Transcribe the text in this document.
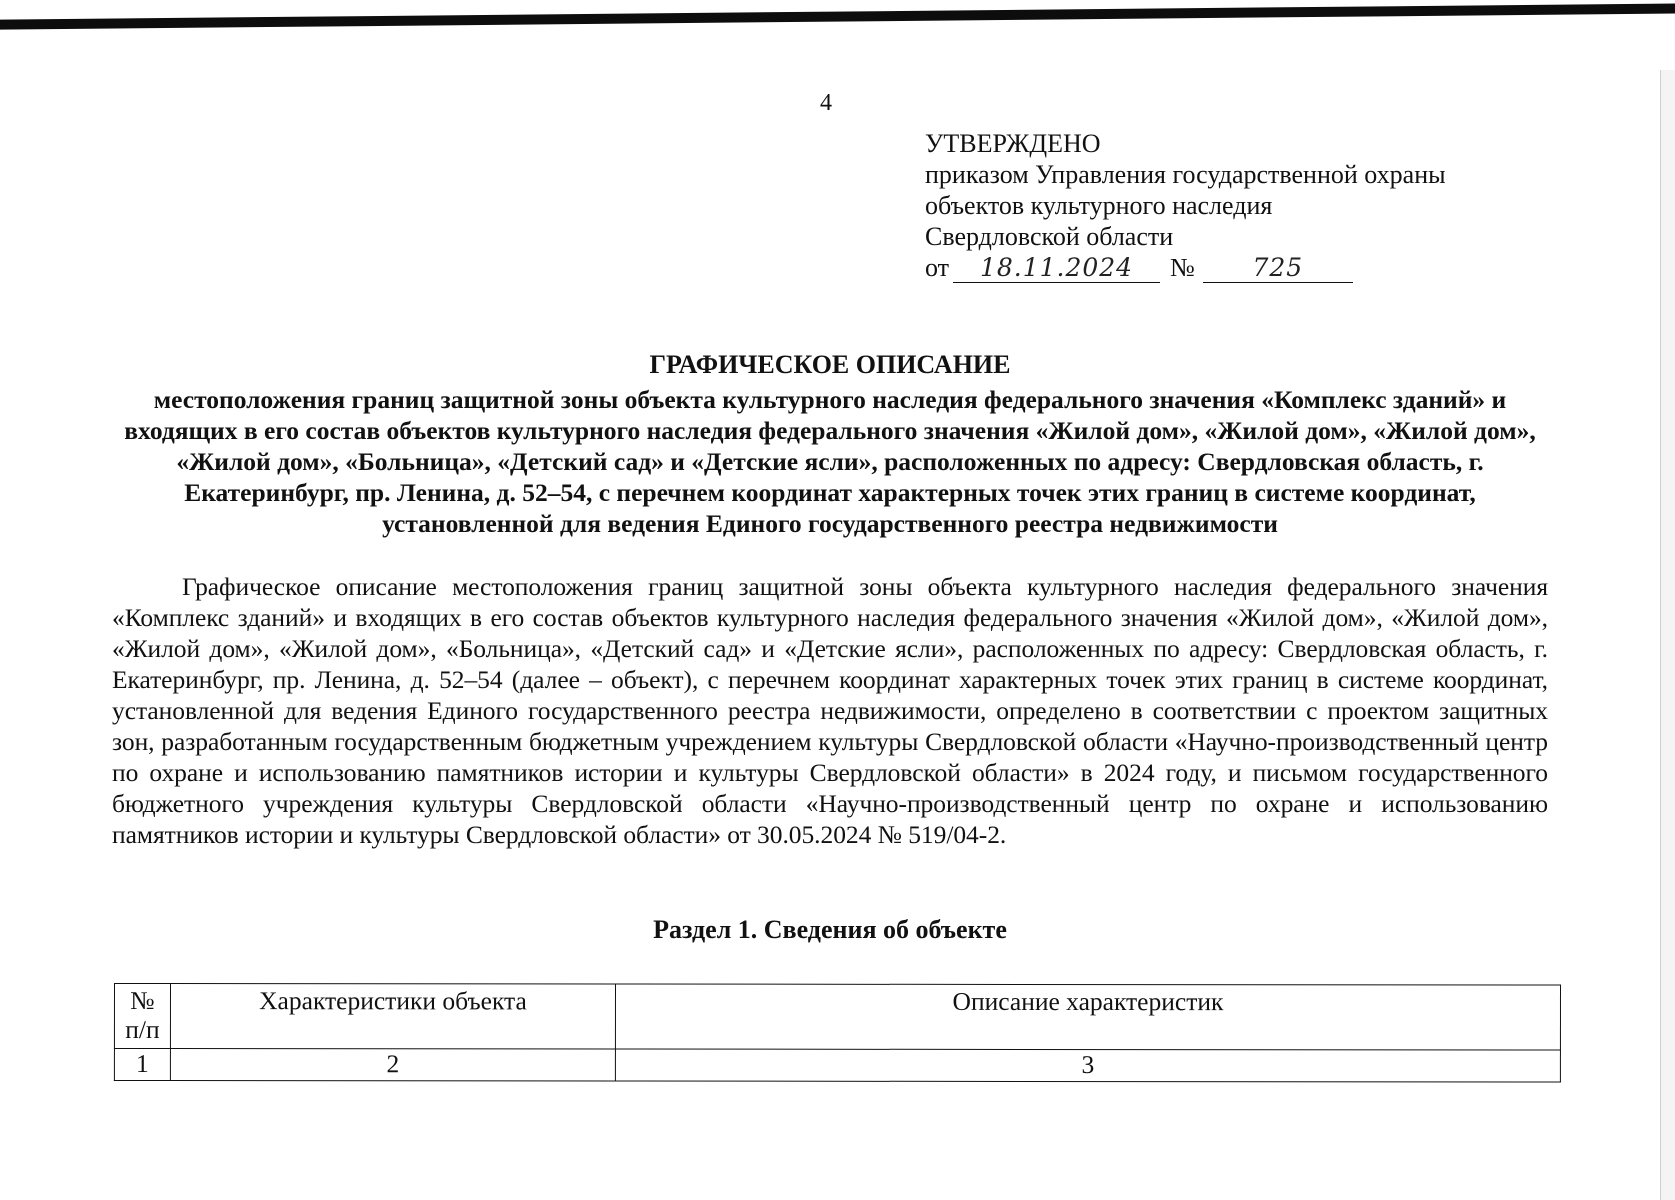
4
УТВЕРЖДЕНО
приказом Управления государственной охраны
объектов культурного наследия
Свердловской области
от	18.11.2024	№	725
ГРАФИЧЕСКОЕ ОПИСАНИЕ
местоположения границ защитной зоны объекта культурного наследия федерального значения «Комплекс зданий» и входящих в его состав объектов культурного наследия федерального значения «Жилой дом», «Жилой дом», «Жилой дом», «Жилой дом», «Больница», «Детский сад» и «Детские ясли», расположенных по адресу: Свердловская область, г. Екатеринбург, пр. Ленина, д. 52–54, с перечнем координат характерных точек этих границ в системе координат, установленной для ведения Единого государственного реестра недвижимости
Графическое описание местоположения границ защитной зоны объекта культурного наследия федерального значения «Комплекс зданий» и входящих в его состав объектов культурного наследия федерального значения «Жилой дом», «Жилой дом», «Жилой дом», «Жилой дом», «Больница», «Детский сад» и «Детские ясли», расположенных по адресу: Свердловская область, г. Екатеринбург, пр. Ленина, д. 52–54 (далее – объект), с перечнем координат характерных точек этих границ в системе координат, установленной для ведения Единого государственного реестра недвижимости, определено в соответствии с проектом защитных зон, разработанным государственным бюджетным учреждением культуры Свердловской области «Научно-производственный центр по охране и использованию памятников истории и культуры Свердловской области» в 2024 году, и письмом государственного бюджетного учреждения культуры Свердловской области «Научно-производственный центр по охране и использованию памятников истории и культуры Свердловской области» от 30.05.2024 № 519/04-2.
Раздел 1. Сведения об объекте
№ п/п	Характеристики объекта	Описание характеристик
1	2	3
